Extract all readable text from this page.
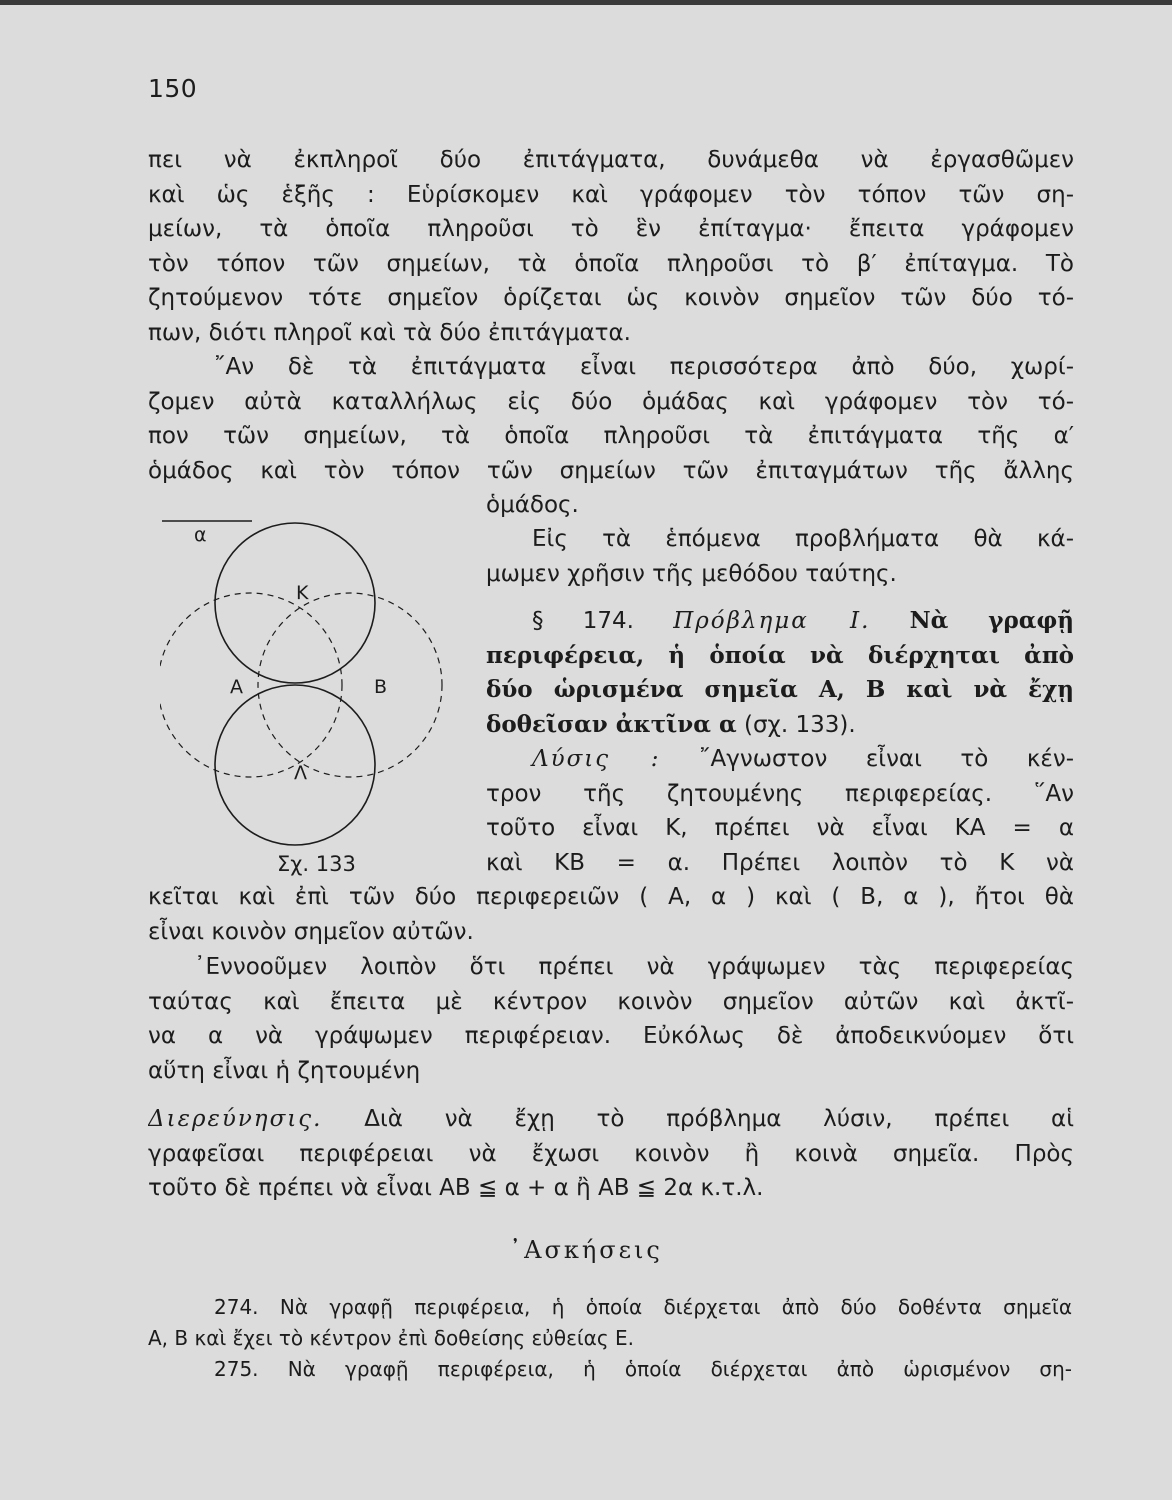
150
πει νὰ ἐκπληροῖ δύο ἐπιτάγματα, δυνάμεθα νὰ ἐργασθῶμεν
καὶ ὡς ἑξῆς : Εὑρίσκομεν καὶ γράφομεν τὸν τόπον τῶν ση-
μείων, τὰ ὁποῖα πληροῦσι τὸ ἓν ἐπίταγμα· ἔπειτα γράφομεν
τὸν τόπον τῶν σημείων, τὰ ὁποῖα πληροῦσι τὸ β′ ἐπίταγμα. Τὸ
ζητούμενον τότε σημεῖον ὁρίζεται ὡς κοινὸν σημεῖον τῶν δύο τό-
πων, διότι πληροῖ καὶ τὰ δύο ἐπιτάγματα.
῎Αν δὲ τὰ ἐπιτάγματα εἶναι περισσότερα ἀπὸ δύο, χωρί-
ζομεν αὐτὰ καταλλήλως εἰς δύο ὁμάδας καὶ γράφομεν τὸν τό-
πον τῶν σημείων, τὰ ὁποῖα πληροῦσι τὰ ἐπιτάγματα τῆς α′
ὁμάδος καὶ τὸν τόπον τῶν σημείων τῶν ἐπιταγμάτων τῆς ἄλλης
ὁμάδος.
Εἰς τὰ ἑπόμενα προβλήματα θὰ κά-
μωμεν χρῆσιν τῆς μεθόδου ταύτης.
§ 174. Πρόβλημα Ι. Νὰ γραφῇ
περιφέρεια, ἡ ὁποία νὰ διέρχηται ἀπὸ
δύο ὡρισμένα σημεῖα Α, Β καὶ νὰ ἔχῃ
δοθεῖσαν ἀκτῖνα α (σχ. 133).
Λύσις : ῎Αγνωστον εἶναι τὸ κέν-
τρον τῆς ζητουμένης περιφερείας. ῞Αν
τοῦτο εἶναι Κ, πρέπει νὰ εἶναι ΚΑ = α
καὶ ΚΒ = α. Πρέπει λοιπὸν τὸ Κ νὰ
κεῖται καὶ ἐπὶ τῶν δύο περιφερειῶν ( Α, α ) καὶ ( Β, α ), ἤτοι θὰ
εἶναι κοινὸν σημεῖον αὐτῶν.
᾿Εννοοῦμεν λοιπὸν ὅτι πρέπει νὰ γράψωμεν τὰς περιφερείας
ταύτας καὶ ἔπειτα μὲ κέντρον κοινὸν σημεῖον αὐτῶν καὶ ἀκτῖ-
να α νὰ γράψωμεν περιφέρειαν. Εὐκόλως δὲ ἀποδεικνύομεν ὅτι
αὕτη εἶναι ἡ ζητουμένη
Διερεύνησις. Διὰ νὰ ἔχῃ τὸ πρόβλημα λύσιν, πρέπει αἱ
γραφεῖσαι περιφέρειαι νὰ ἔχωσι κοινὸν ἢ κοινὰ σημεῖα. Πρὸς
τοῦτο δὲ πρέπει νὰ εἶναι ΑΒ ≦ α + α ἢ ΑΒ ≦ 2α κ.τ.λ.
᾿Ασκήσεις
274. Νὰ γραφῇ περιφέρεια, ἡ ὁποία διέρχεται ἀπὸ δύο δοθέντα σημεῖα
Α, Β καὶ ἔχει τὸ κέντρον ἐπὶ δοθείσης εὐθείας Ε.
275. Νὰ γραφῇ περιφέρεια, ἡ ὁποία διέρχεται ἀπὸ ὡρισμένον ση-
α
Κ
Α	Β
Λ
Σχ. 133
